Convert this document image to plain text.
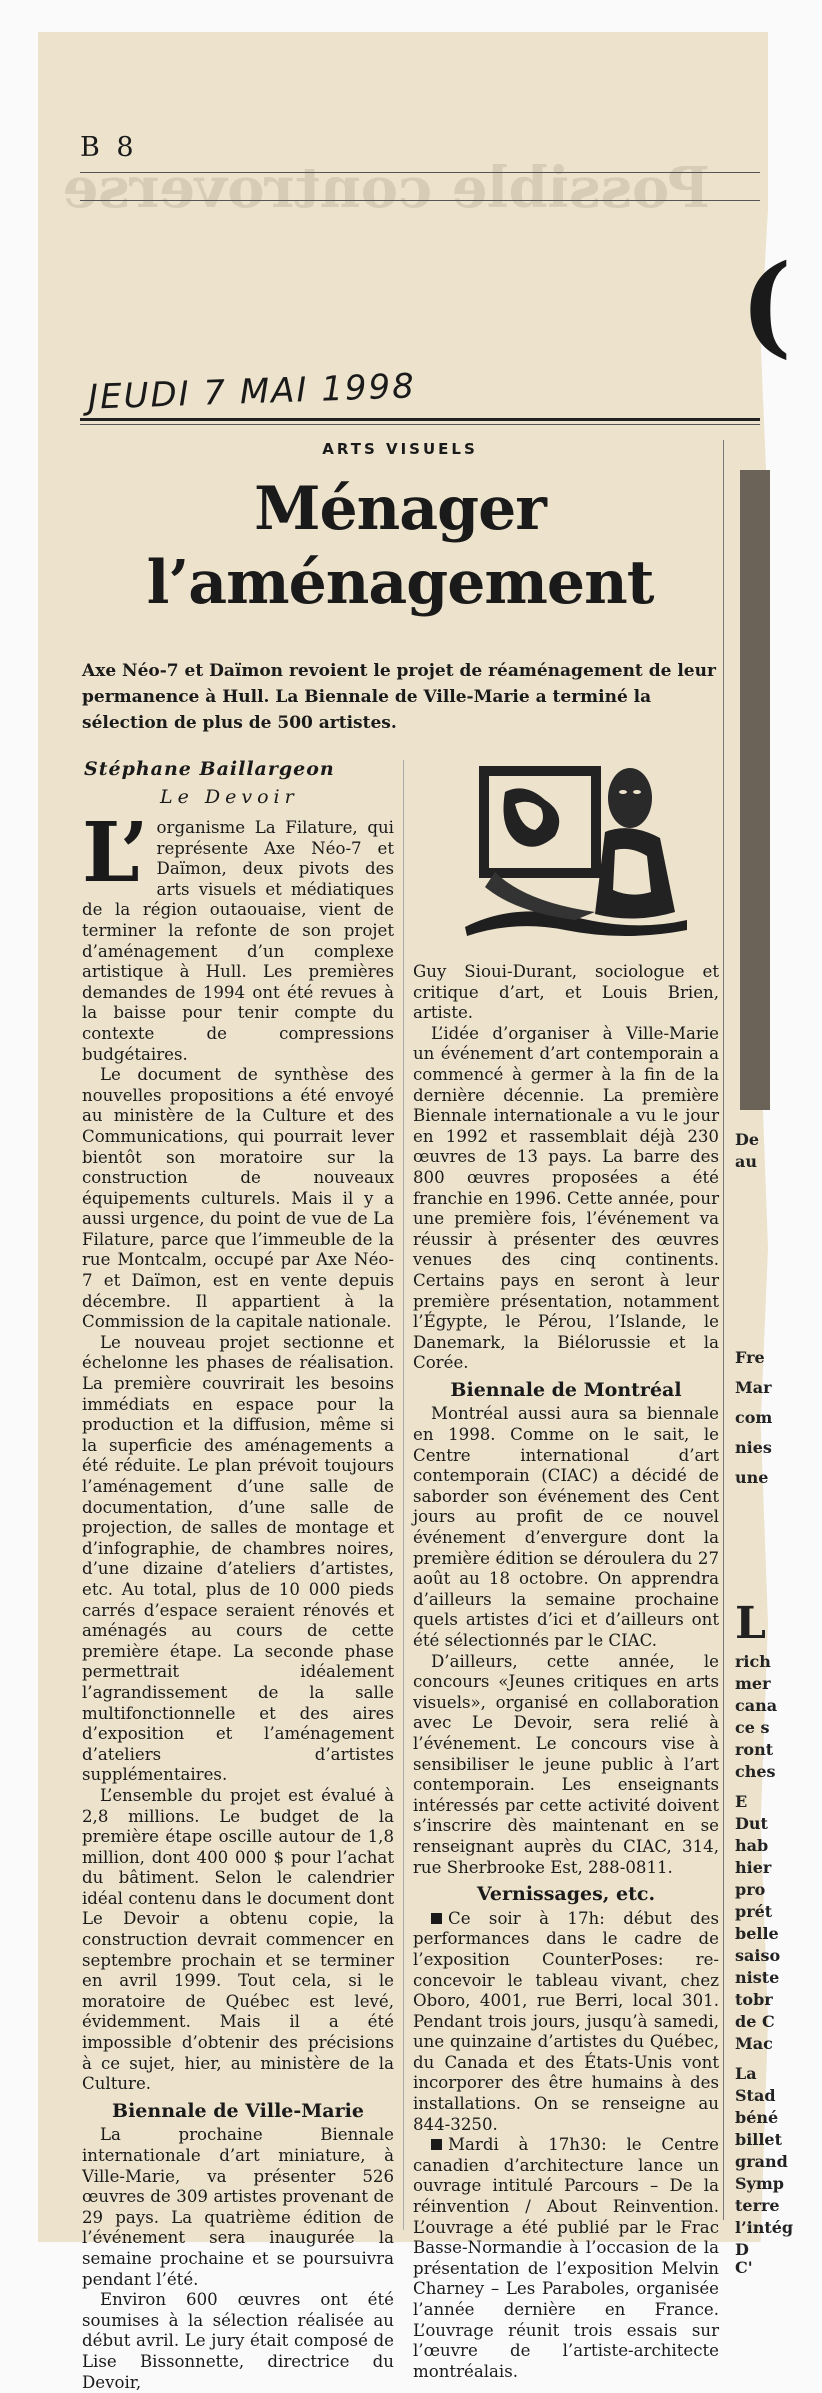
Possible controverse
(
B 8
JEUDI 7 MAI 1998
ARTS VISUELS
Ménager
l’aménagement
Axe Néo-7 et Daïmon revoient le projet de réaménagement de leur permanence à Hull. La Biennale de Ville-Marie a terminé la sélection de plus de 500 artistes.
Stéphane Baillargeon
Le Devoir
L’ organisme La Filature, qui représente Axe Néo-7 et Daïmon, deux pivots des arts visuels et médiatiques de la région outaouaise, vient de terminer la refonte de son projet d’aménagement d’un complexe artistique à Hull. Les premières demandes de 1994 ont été revues à la baisse pour tenir compte du contexte de compressions budgétaires.

Le document de synthèse des nouvelles propositions a été envoyé au ministère de la Culture et des Communications, qui pourrait lever bientôt son moratoire sur la construction de nouveaux équipements culturels. Mais il y a aussi urgence, du point de vue de La Filature, parce que l’immeuble de la rue Montcalm, occupé par Axe Néo-7 et Daïmon, est en vente depuis décembre. Il appartient à la Commission de la capitale nationale.

Le nouveau projet sectionne et échelonne les phases de réalisation. La première couvrirait les besoins immédiats en espace pour la production et la diffusion, même si la superficie des aménagements a été réduite. Le plan prévoit toujours l’aménagement d’une salle de documentation, d’une salle de projection, de salles de montage et d’infographie, de chambres noires, d’une dizaine d’ateliers d’artistes, etc. Au total, plus de 10 000 pieds carrés d’espace seraient rénovés et aménagés au cours de cette première étape. La seconde phase permettrait idéalement l’agrandissement de la salle multifonctionnelle et des aires d’exposition et l’aménagement d’ateliers d’artistes supplémentaires.

L’ensemble du projet est évalué à 2,8 millions. Le budget de la première étape oscille autour de 1,8 million, dont 400 000 $ pour l’achat du bâtiment. Selon le calendrier idéal contenu dans le document dont Le Devoir a obtenu copie, la construction devrait commencer en septembre prochain et se terminer en avril 1999. Tout cela, si le moratoire de Québec est levé, évidemment. Mais il a été impossible d’obtenir des précisions à ce sujet, hier, au ministère de la Culture.

Biennale de Ville-Marie

La prochaine Biennale internationale d’art miniature, à Ville-Marie, va présenter 526 œuvres de 309 artistes provenant de 29 pays. La quatrième édition de l’événement sera inaugurée la semaine prochaine et se poursuivra pendant l’été.

Environ 600 œuvres ont été soumises à la sélection réalisée au début avril. Le jury était composé de Lise Bissonnette, directrice du Devoir,

Guy Sioui-Durant, sociologue et critique d’art, et Louis Brien, artiste.

L’idée d’organiser à Ville-Marie un événement d’art contemporain a commencé à germer à la fin de la dernière décennie. La première Biennale internationale a vu le jour en 1992 et rassemblait déjà 230 œuvres de 13 pays. La barre des 800 œuvres proposées a été franchie en 1996. Cette année, pour une première fois, l’événement va réussir à présenter des œuvres venues des cinq continents. Certains pays en seront à leur première présentation, notamment l’Égypte, le Pérou, l’Islande, le Danemark, la Biélorussie et la Corée.

Biennale de Montréal

Montréal aussi aura sa biennale en 1998. Comme on le sait, le Centre international d’art contemporain (CIAC) a décidé de saborder son événement des Cent jours au profit de ce nouvel événement d’envergure dont la première édition se déroulera du 27 août au 18 octobre. On apprendra d’ailleurs la semaine prochaine quels artistes d’ici et d’ailleurs ont été sélectionnés par le CIAC.

D’ailleurs, cette année, le concours «Jeunes critiques en arts visuels», organisé en collaboration avec Le Devoir, sera relié à l’événement. Le concours vise à sensibiliser le jeune public à l’art contemporain. Les enseignants intéressés par cette activité doivent s’inscrire dès maintenant en se renseignant auprès du CIAC, 314, rue Sherbrooke Est, 288-0811.

Vernissages, etc.

Ce soir à 17h: début des performances dans le cadre de l’exposition CounterPoses: re-concevoir le tableau vivant, chez Oboro, 4001, rue Berri, local 301. Pendant trois jours, jusqu’à samedi, une quinzaine d’artistes du Québec, du Canada et des États-Unis vont incorporer des être humains à des installations. On se renseigne au 844-3250.

Mardi à 17h30: le Centre canadien d’architecture lance un ouvrage intitulé Parcours – De la réinvention / About Reinvention. L’ouvrage a été publié par le Frac Basse-Normandie à l’occasion de la présentation de l’exposition Melvin Charney – Les Paraboles, organisée l’année dernière en France. L’ouvrage réunit trois essais sur l’œuvre de l’artiste-architecte montréalais.

De
au
Fre
Mar
com
nies
une
L
rich
mer
cana
ce s
ront
ches
E
Dut
hab
hier
pro
prét
belle
saiso
niste
tobr
de C
Mac
La
Stad
béné
billet
grand
Symp
terre
l’intég
D
C'
